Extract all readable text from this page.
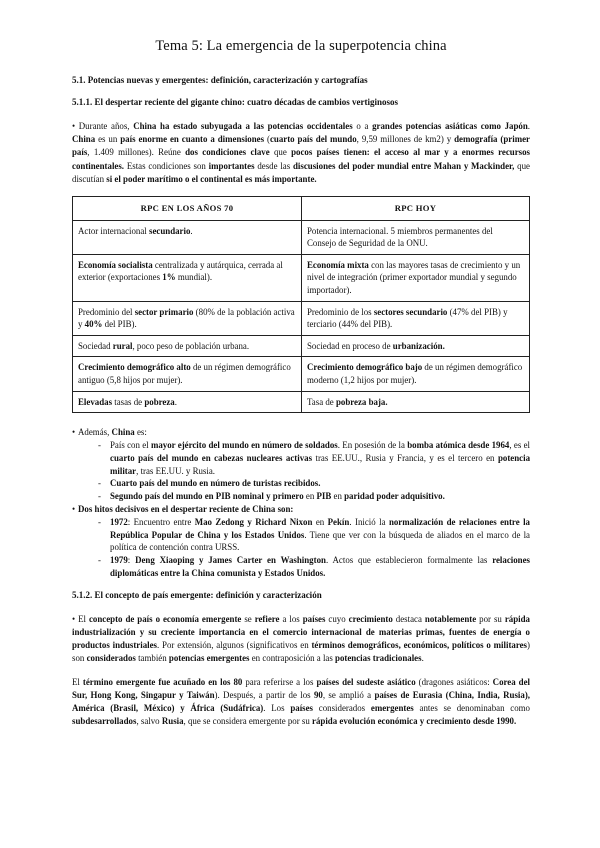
Tema 5: La emergencia de la superpotencia china
5.1. Potencias nuevas y emergentes: definición, caracterización y cartografías
5.1.1. El despertar reciente del gigante chino: cuatro décadas de cambios vertiginosos

• Durante años, China ha estado subyugada a las potencias occidentales o a grandes potencias asiáticas como Japón. China es un país enorme en cuanto a dimensiones (cuarto país del mundo, 9,59 millones de km2) y demografía (primer país, 1.409 millones). Reúne dos condiciones clave que pocos países tienen: el acceso al mar y a enormes recursos continentales. Estas condiciones son importantes desde las discusiones del poder mundial entre Mahan y Mackinder, que discutían si el poder marítimo o el continental es más importante.

RPC EN LOS AÑOS 70	RPC HOY
Actor internacional secundario.	Potencia internacional. 5 miembros permanentes del Consejo de Seguridad de la ONU.
Economía socialista centralizada y autárquica, cerrada al exterior (exportaciones 1% mundial).	Economía mixta con las mayores tasas de crecimiento y un nivel de integración (primer exportador mundial y segundo importador).
Predominio del sector primario (80% de la población activa y 40% del PIB).	Predominio de los sectores secundario (47% del PIB) y terciario (44% del PIB).
Sociedad rural, poco peso de población urbana.	Sociedad en proceso de urbanización.
Crecimiento demográfico alto de un régimen demográfico antiguo (5,8 hijos por mujer).	Crecimiento demográfico bajo de un régimen demográfico moderno (1,2 hijos por mujer).
Elevadas tasas de pobreza.	Tasa de pobreza baja.
• Además, China es:
- País con el mayor ejército del mundo en número de soldados. En posesión de la bomba atómica desde 1964, es el cuarto país del mundo en cabezas nucleares activas tras EE.UU., Rusia y Francia, y es el tercero en potencia militar, tras EE.UU. y Rusia.
- Cuarto país del mundo en número de turistas recibidos.
- Segundo país del mundo en PIB nominal y primero en PIB en paridad poder adquisitivo.
• Dos hitos decisivos en el despertar reciente de China son:
- 1972: Encuentro entre Mao Zedong y Richard Nixon en Pekín. Inició la normalización de relaciones entre la República Popular de China y los Estados Unidos. Tiene que ver con la búsqueda de aliados en el marco de la política de contención contra URSS.
- 1979: Deng Xiaoping y James Carter en Washington. Actos que establecieron formalmente las relaciones diplomáticas entre la China comunista y Estados Unidos.
5.1.2. El concepto de país emergente: definición y caracterización

• El concepto de país o economía emergente se refiere a los países cuyo crecimiento destaca notablemente por su rápida industrialización y su creciente importancia en el comercio internacional de materias primas, fuentes de energía o productos industriales. Por extensión, algunos (significativos en términos demográficos, económicos, políticos o militares) son considerados también potencias emergentes en contraposición a las potencias tradicionales.

El término emergente fue acuñado en los 80 para referirse a los países del sudeste asiático (dragones asiáticos: Corea del Sur, Hong Kong, Singapur y Taiwán). Después, a partir de los 90, se amplió a países de Eurasia (China, India, Rusia), América (Brasil, México) y África (Sudáfrica). Los países considerados emergentes antes se denominaban como subdesarrollados, salvo Rusia, que se considera emergente por su rápida evolución económica y crecimiento desde 1990.
